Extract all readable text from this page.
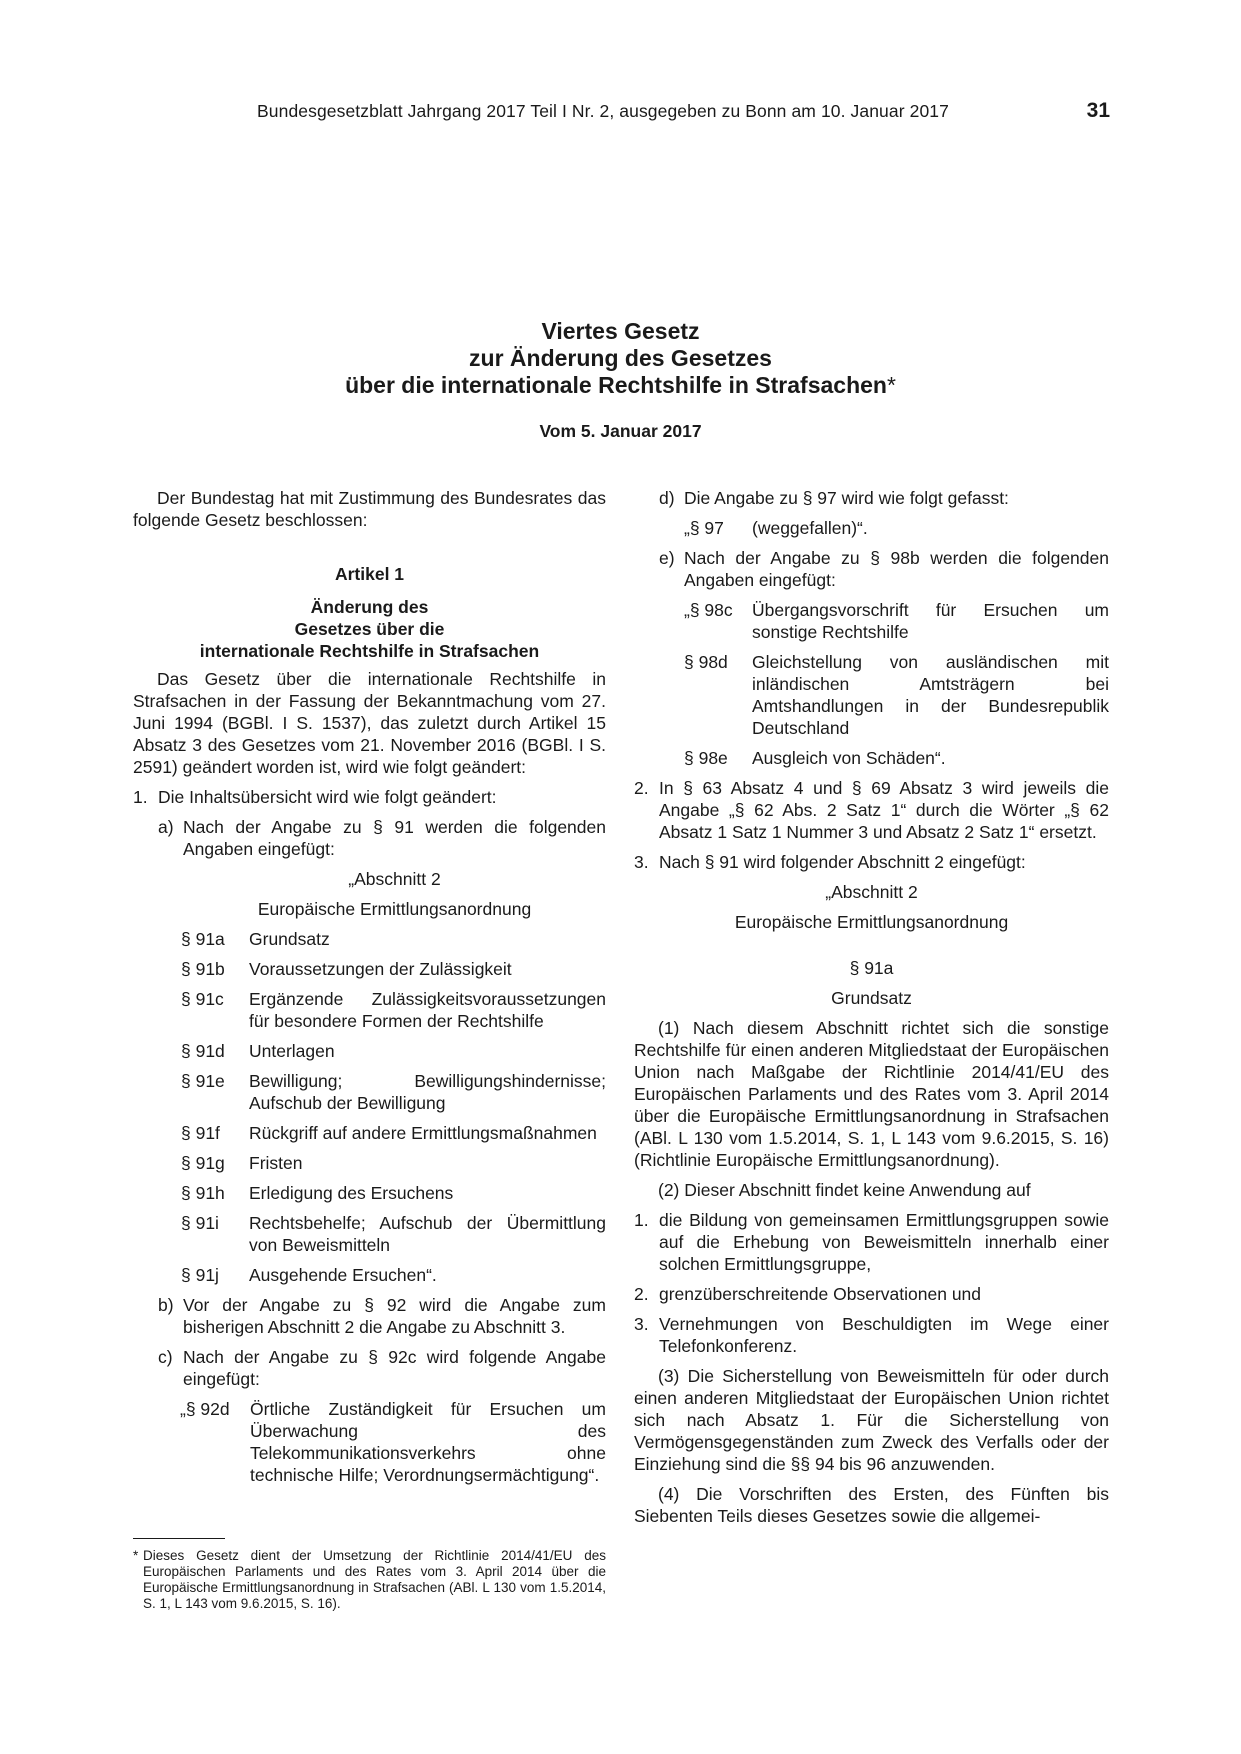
Bundesgesetzblatt Jahrgang 2017 Teil I Nr. 2, ausgegeben zu Bonn am 10. Januar 2017	31
Viertes Gesetz
zur Änderung des Gesetzes
über die internationale Rechtshilfe in Strafsachen*
Vom 5. Januar 2017
Der Bundestag hat mit Zustimmung des Bundesrates das folgende Gesetz beschlossen:
Artikel 1
Änderung des
Gesetzes über die
internationale Rechtshilfe in Strafsachen
Das Gesetz über die internationale Rechtshilfe in Strafsachen in der Fassung der Bekanntmachung vom 27. Juni 1994 (BGBl. I S. 1537), das zuletzt durch Artikel 15 Absatz 3 des Gesetzes vom 21. November 2016 (BGBl. I S. 2591) geändert worden ist, wird wie folgt geändert:
1. Die Inhaltsübersicht wird wie folgt geändert:
a) Nach der Angabe zu § 91 werden die folgenden Angaben eingefügt:
„Abschnitt 2
Europäische Ermittlungsanordnung
§ 91a	Grundsatz
§ 91b	Voraussetzungen der Zulässigkeit
§ 91c	Ergänzende Zulässigkeitsvoraussetzungen für besondere Formen der Rechtshilfe
§ 91d	Unterlagen
§ 91e	Bewilligung; Bewilligungshindernisse; Aufschub der Bewilligung
§ 91f	Rückgriff auf andere Ermittlungsmaßnahmen
§ 91g	Fristen
§ 91h	Erledigung des Ersuchens
§ 91i	Rechtsbehelfe; Aufschub der Übermittlung von Beweismitteln
§ 91j	Ausgehende Ersuchen“.
b) Vor der Angabe zu § 92 wird die Angabe zum bisherigen Abschnitt 2 die Angabe zu Abschnitt 3.
c) Nach der Angabe zu § 92c wird folgende Angabe eingefügt:
„§ 92d	Örtliche Zuständigkeit für Ersuchen um Überwachung des Telekommunikationsverkehrs ohne technische Hilfe; Verordnungsermächtigung“.
d) Die Angabe zu § 97 wird wie folgt gefasst:
„§ 97	(weggefallen)“.
e) Nach der Angabe zu § 98b werden die folgenden Angaben eingefügt:
„§ 98c	Übergangsvorschrift für Ersuchen um sonstige Rechtshilfe
§ 98d	Gleichstellung von ausländischen mit inländischen Amtsträgern bei Amtshandlungen in der Bundesrepublik Deutschland
§ 98e	Ausgleich von Schäden“.
2. In § 63 Absatz 4 und § 69 Absatz 3 wird jeweils die Angabe „§ 62 Abs. 2 Satz 1“ durch die Wörter „§ 62 Absatz 1 Satz 1 Nummer 3 und Absatz 2 Satz 1“ ersetzt.
3. Nach § 91 wird folgender Abschnitt 2 eingefügt:
„Abschnitt 2
Europäische Ermittlungsanordnung
§ 91a
Grundsatz
(1) Nach diesem Abschnitt richtet sich die sonstige Rechtshilfe für einen anderen Mitgliedstaat der Europäischen Union nach Maßgabe der Richtlinie 2014/41/EU des Europäischen Parlaments und des Rates vom 3. April 2014 über die Europäische Ermittlungsanordnung in Strafsachen (ABl. L 130 vom 1.5.2014, S. 1, L 143 vom 9.6.2015, S. 16) (Richtlinie Europäische Ermittlungsanordnung).
(2) Dieser Abschnitt findet keine Anwendung auf
1. die Bildung von gemeinsamen Ermittlungsgruppen sowie auf die Erhebung von Beweismitteln innerhalb einer solchen Ermittlungsgruppe,
2. grenzüberschreitende Observationen und
3. Vernehmungen von Beschuldigten im Wege einer Telefonkonferenz.
(3) Die Sicherstellung von Beweismitteln für oder durch einen anderen Mitgliedstaat der Europäischen Union richtet sich nach Absatz 1. Für die Sicherstellung von Vermögensgegenständen zum Zweck des Verfalls oder der Einziehung sind die §§ 94 bis 96 anzuwenden.
(4) Die Vorschriften des Ersten, des Fünften bis Siebenten Teils dieses Gesetzes sowie die allgemei-
* Dieses Gesetz dient der Umsetzung der Richtlinie 2014/41/EU des Europäischen Parlaments und des Rates vom 3. April 2014 über die Europäische Ermittlungsanordnung in Strafsachen (ABl. L 130 vom 1.5.2014, S. 1, L 143 vom 9.6.2015, S. 16).
